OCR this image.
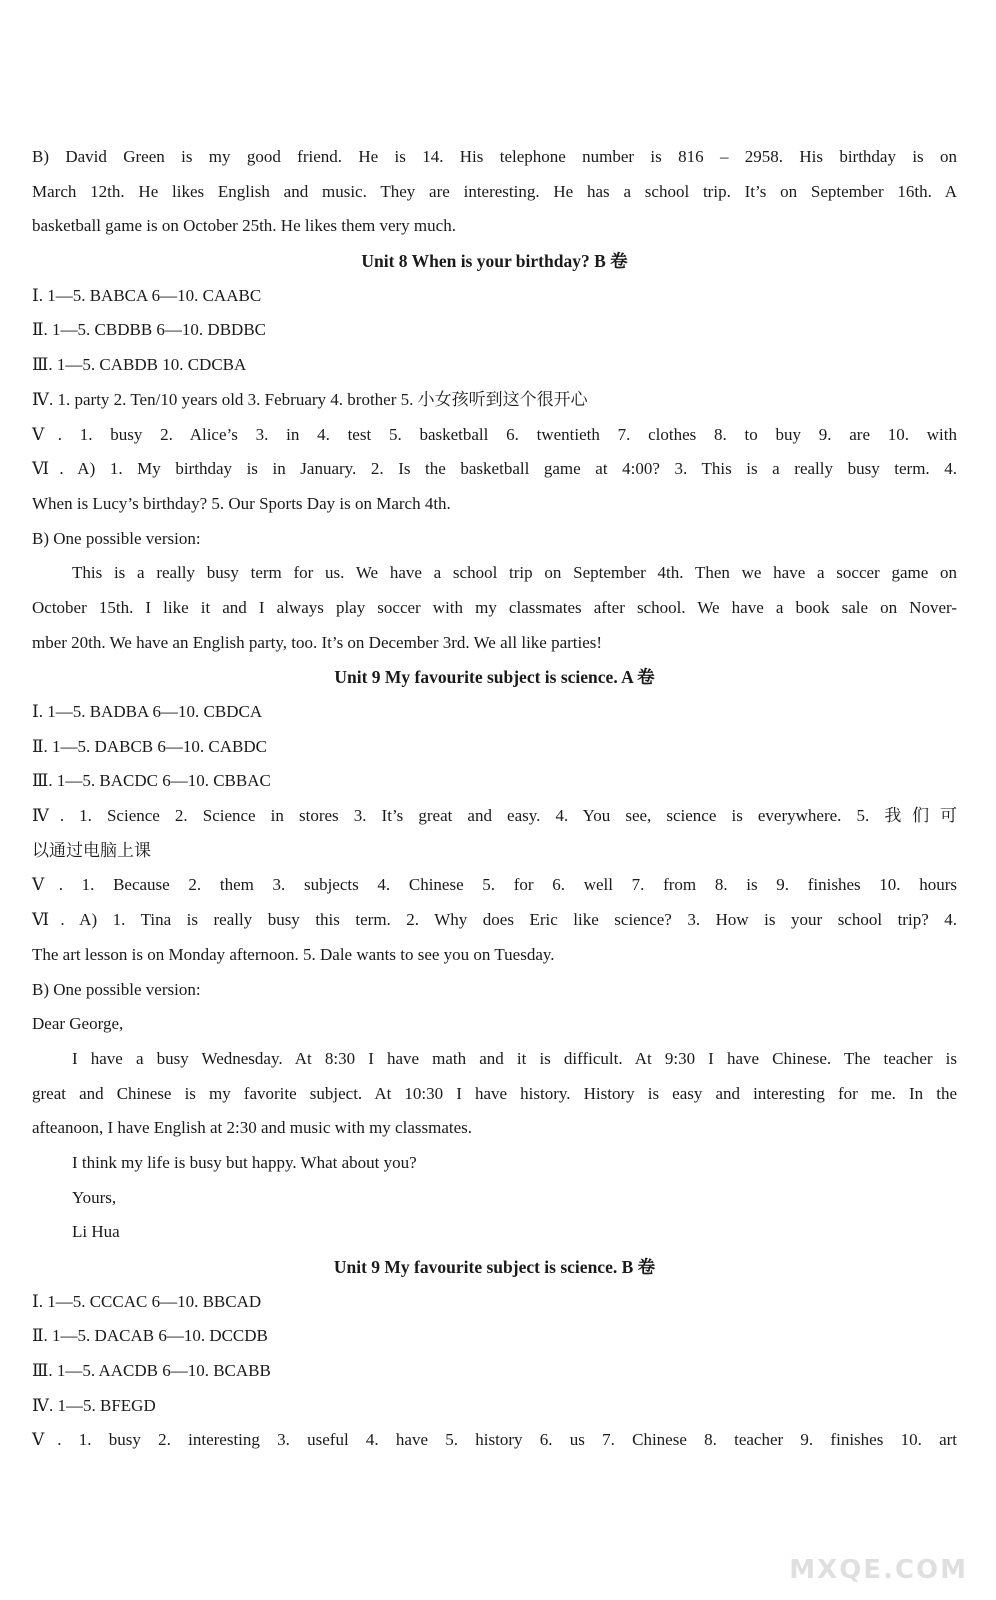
B) David Green is my good friend. He is 14. His telephone number is 816 – 2958. His birthday is on
March 12th. He likes English and music. They are interesting. He has a school trip. It’s on September 16th. A
basketball game is on October 25th. He likes them very much.
Unit 8 When is your birthday? B 卷
Ⅰ. 1—5. BABCA 6—10. CAABC
Ⅱ. 1—5. CBDBB 6—10. DBDBC
Ⅲ. 1—5. CABDB 10. CDCBA
Ⅳ. 1. party 2. Ten/10 years old 3. February 4. brother 5. 小女孩听到这个很开心
Ⅴ. 1. busy 2. Alice’s 3. in 4. test 5. basketball 6. twentieth 7. clothes 8. to buy 9. are 10. with
Ⅵ. A) 1. My birthday is in January. 2. Is the basketball game at 4:00? 3. This is a really busy term. 4.
When is Lucy’s birthday? 5. Our Sports Day is on March 4th.
B) One possible version:
This is a really busy term for us. We have a school trip on September 4th. Then we have a soccer game on
October 15th. I like it and I always play soccer with my classmates after school. We have a book sale on Nover-
mber 20th. We have an English party, too. It’s on December 3rd. We all like parties!
Unit 9 My favourite subject is science. A 卷
Ⅰ. 1—5. BADBA 6—10. CBDCA
Ⅱ. 1—5. DABCB 6—10. CABDC
Ⅲ. 1—5. BACDC 6—10. CBBAC
Ⅳ. 1. Science 2. Science in stores 3. It’s great and easy. 4. You see, science is everywhere. 5. 我们可
以通过电脑上课
Ⅴ. 1. Because 2. them 3. subjects 4. Chinese 5. for 6. well 7. from 8. is 9. finishes 10. hours
Ⅵ. A) 1. Tina is really busy this term. 2. Why does Eric like science? 3. How is your school trip? 4.
The art lesson is on Monday afternoon. 5. Dale wants to see you on Tuesday.
B) One possible version:
Dear George,
I have a busy Wednesday. At 8:30 I have math and it is difficult. At 9:30 I have Chinese. The teacher is
great and Chinese is my favorite subject. At 10:30 I have history. History is easy and interesting for me. In the
afteanoon, I have English at 2:30 and music with my classmates.
I think my life is busy but happy. What about you?
Yours,
Li Hua
Unit 9 My favourite subject is science. B 卷
Ⅰ. 1—5. CCCAC 6—10. BBCAD
Ⅱ. 1—5. DACAB 6—10. DCCDB
Ⅲ. 1—5. AACDB 6—10. BCABB
Ⅳ. 1—5. BFEGD
Ⅴ. 1. busy 2. interesting 3. useful 4. have 5. history 6. us 7. Chinese 8. teacher 9. finishes 10. art
MXQE.COM
